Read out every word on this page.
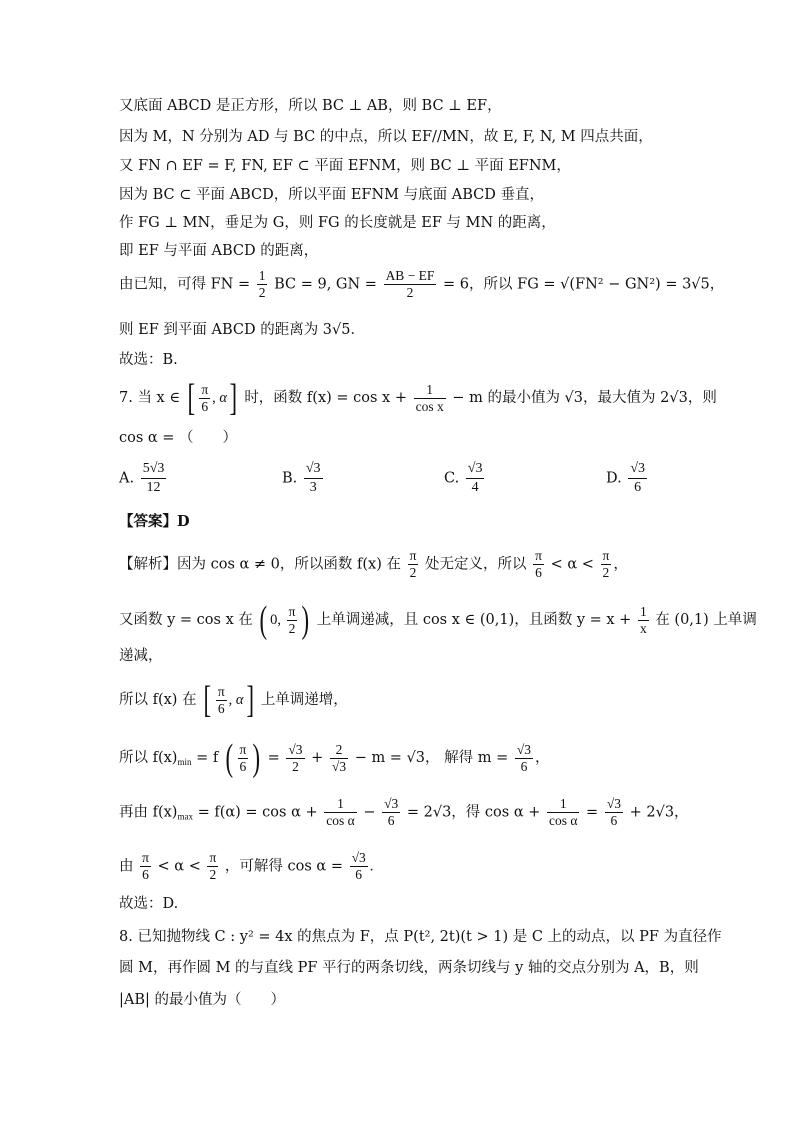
又底面 ABCD 是正方形，所以 BC ⊥ AB，则 BC ⊥ EF，
因为 M，N 分别为 AD 与 BC 的中点，所以 EF//MN，故 E, F, N, M 四点共面，
又 FN ∩ EF = F, FN, EF ⊂ 平面 EFNM，则 BC ⊥ 平面 EFNM，
因为 BC ⊂ 平面 ABCD，所以平面 EFNM 与底面 ABCD 垂直，
作 FG ⊥ MN，垂足为 G，则 FG 的长度就是 EF 与 MN 的距离，
即 EF 与平面 ABCD 的距离，
由已知，可得 FN = $\frac{1}{2}$ BC = 9, GN = $\frac{AB - EF}{2} = 6$，所以 FG = √(FN² − GN²) = 3√5，
则 EF 到平面 ABCD 的距离为 3√5．
故选：B.
7. 当 x ∈ [ $\frac{\pi}{6}$ , α] 时，函数 $f(x) = \cos x + \frac{1}{\text{cos x}} - m$ 的最小值为 √3，最大值为 2√3，则
cos α = （　　）
A. $\frac{5√3}{12}$	B. $\frac{√3}{3}$	C. $\frac{√3}{4}$	D. $\frac{√3}{6}$
【答案】D
【解析】因为 cos α ≠ 0，所以函数 f(x) 在 $\frac{\pi}{2}$ 处无定义，所以 $\frac{\pi}{6} < \alpha < \frac{\pi}{2}$ ，
又函数 y = cos x 在 ( 0, $\frac{\pi}{2}$ ) 上单调递减，且 cos x ∈ (0,1)，且函数 $y = x + \frac{1}{x}$ 在 (0,1) 上单调
递减，
所以 f(x) 在 [ $\frac{\pi}{6}$ , α] 上单调递增，
所以 $f(x)_{min} = f$ ( $\frac{\pi}{6}$ ) = $\frac{√3}{2} + \frac{2}{√3} - m = √3$， 解得 $m = \frac{√3}{6}$ ，
再由 $f(x)_{max} = f(\alpha) = \cos \alpha + \frac{1}{\text{cos α}} - \frac{√3}{6} = 2√3$，得 $\cos \alpha + \frac{1}{\text{cos α}} = \frac{√3}{6} + 2√3$，
由 $\frac{\pi}{6} < \alpha < \frac{\pi}{2}$ ，可解得 $\cos \alpha = \frac{√3}{6}$ .
故选：D.
8. 已知抛物线 C : y² = 4x 的焦点为 F，点 P(t², 2t)(t > 1) 是 C 上的动点，以 PF 为直径作
圆 M，再作圆 M 的与直线 PF 平行的两条切线，两条切线与 y 轴的交点分别为 A，B，则
|AB| 的最小值为（　　）
